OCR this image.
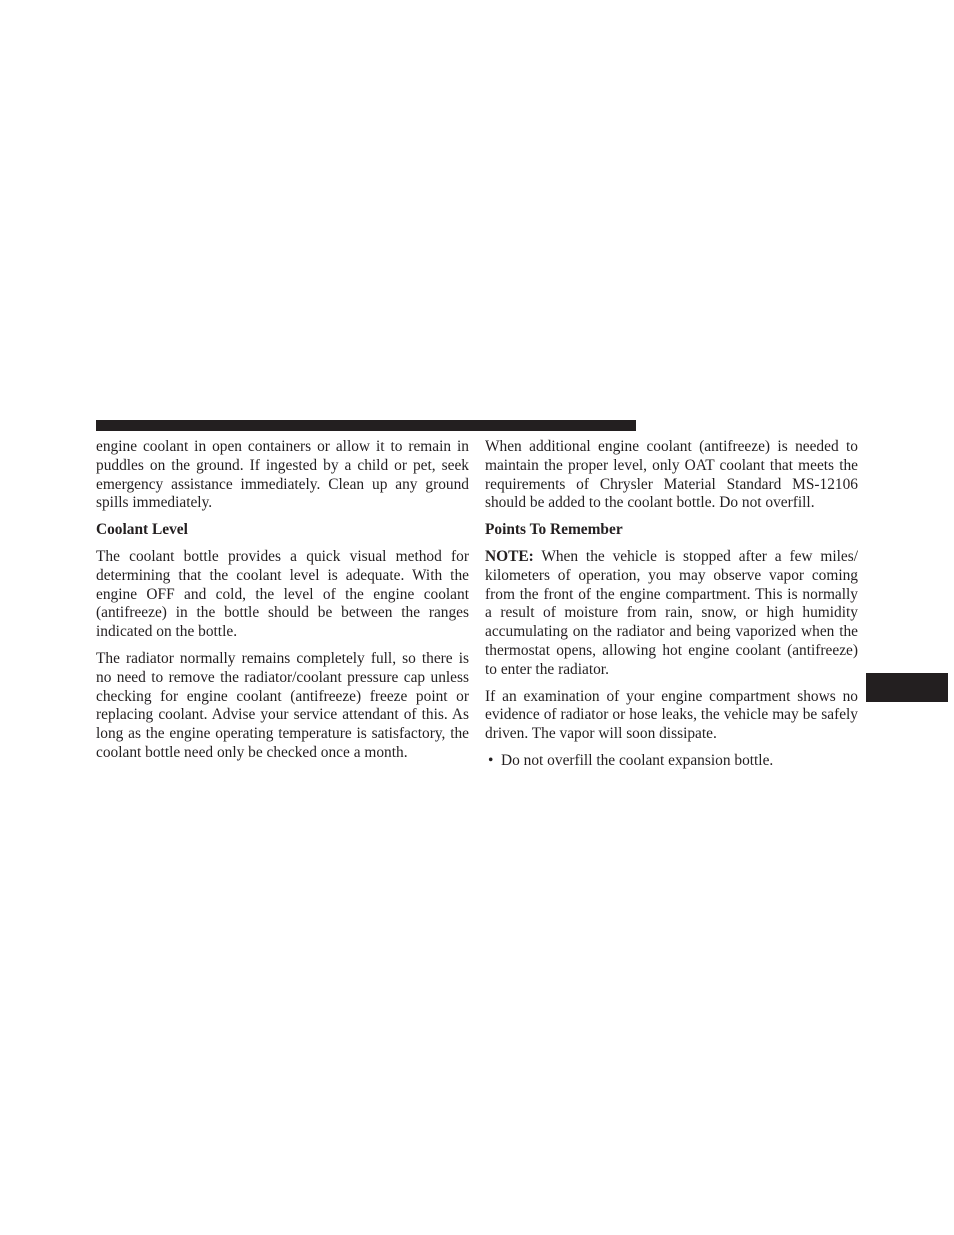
engine coolant in open containers or allow it to remain in puddles on the ground. If ingested by a child or pet, seek emergency assistance immediately. Clean up any ground spills immediately.

Coolant Level

The coolant bottle provides a quick visual method for determining that the coolant level is adequate. With the engine OFF and cold, the level of the engine coolant (antifreeze) in the bottle should be between the ranges indicated on the bottle.

The radiator normally remains completely full, so there is no need to remove the radiator/coolant pressure cap unless checking for engine coolant (antifreeze) freeze point or replacing coolant. Advise your service attendant of this. As long as the engine operating temperature is satisfactory, the coolant bottle need only be checked once a month.

When additional engine coolant (antifreeze) is needed to maintain the proper level, only OAT coolant that meets the requirements of Chrysler Material Standard MS-12106 should be added to the coolant bottle. Do not overfill.

Points To Remember

NOTE: When the vehicle is stopped after a few miles/ kilometers of operation, you may observe vapor coming from the front of the engine compartment. This is normally a result of moisture from rain, snow, or high humidity accumulating on the radiator and being vaporized when the thermostat opens, allowing hot engine coolant (antifreeze) to enter the radiator.

If an examination of your engine compartment shows no evidence of radiator or hose leaks, the vehicle may be safely driven. The vapor will soon dissipate.

• Do not overfill the coolant expansion bottle.
